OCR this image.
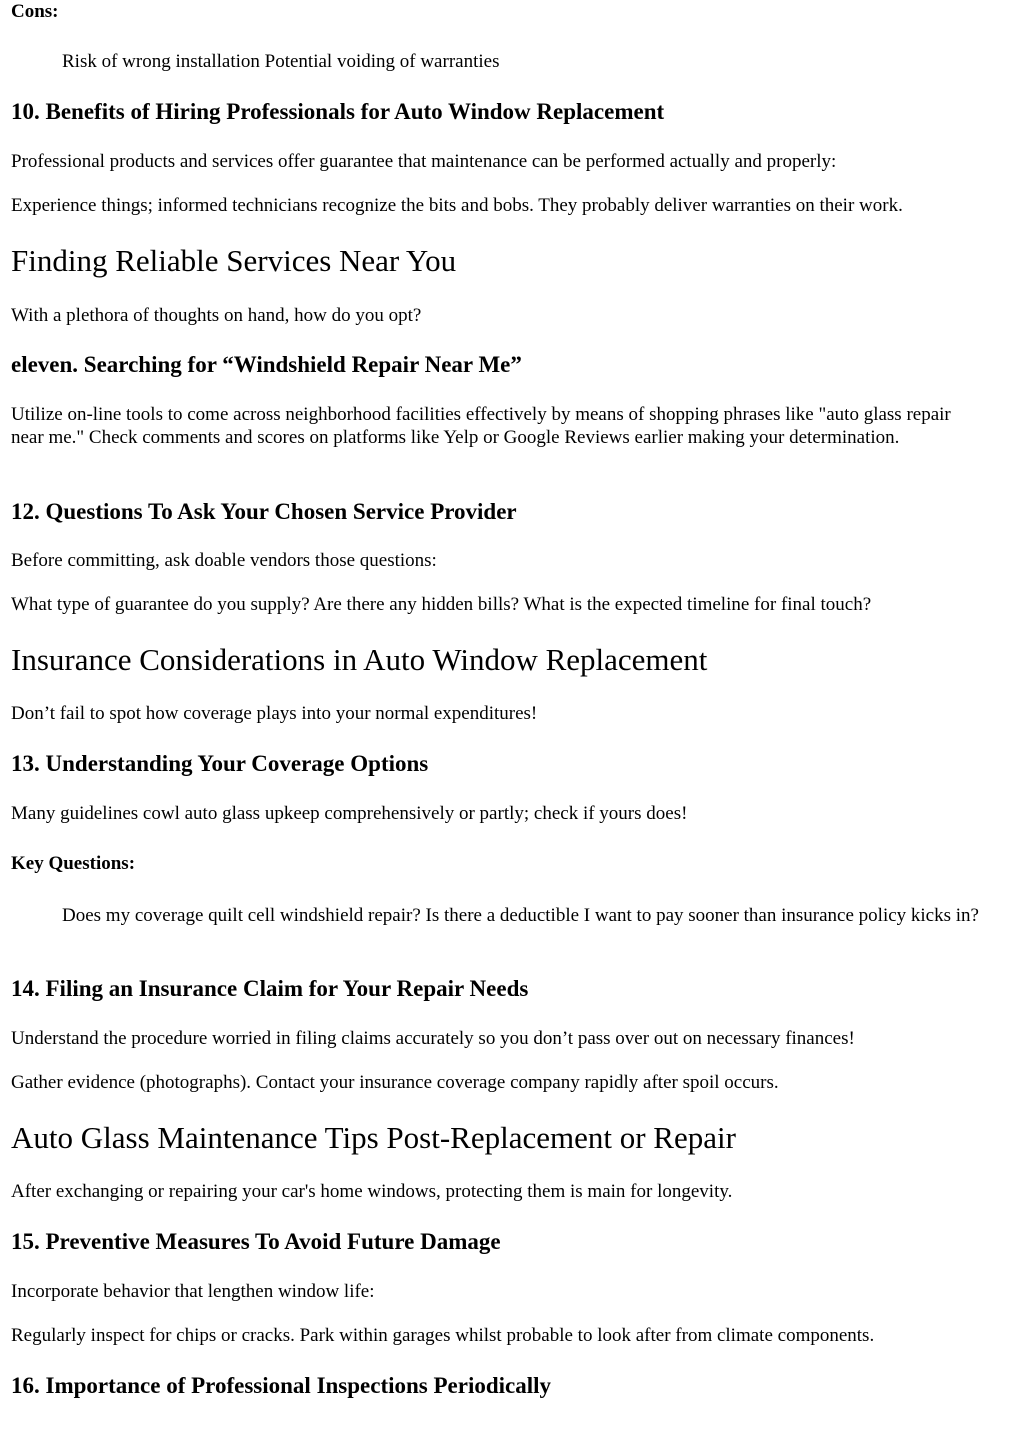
Cons:

Risk of wrong installation Potential voiding of warranties

10. Benefits of Hiring Professionals for Auto Window Replacement

Professional products and services offer guarantee that maintenance can be performed actually and properly:

Experience things; informed technicians recognize the bits and bobs. They probably deliver warranties on their work.

Finding Reliable Services Near You

With a plethora of thoughts on hand, how do you opt?

eleven. Searching for “Windshield Repair Near Me”

Utilize on-line tools to come across neighborhood facilities effectively by means of shopping phrases like "auto glass repair near me." Check comments and scores on platforms like Yelp or Google Reviews earlier making your determination.

12. Questions To Ask Your Chosen Service Provider

Before committing, ask doable vendors those questions:

What type of guarantee do you supply? Are there any hidden bills? What is the expected timeline for final touch?

Insurance Considerations in Auto Window Replacement

Don’t fail to spot how coverage plays into your normal expenditures!

13. Understanding Your Coverage Options

Many guidelines cowl auto glass upkeep comprehensively or partly; check if yours does!

Key Questions:

Does my coverage quilt cell windshield repair? Is there a deductible I want to pay sooner than insurance policy kicks in?

14. Filing an Insurance Claim for Your Repair Needs

Understand the procedure worried in filing claims accurately so you don’t pass over out on necessary finances!

Gather evidence (photographs). Contact your insurance coverage company rapidly after spoil occurs.

Auto Glass Maintenance Tips Post-Replacement or Repair

After exchanging or repairing your car's home windows, protecting them is main for longevity.

15. Preventive Measures To Avoid Future Damage

Incorporate behavior that lengthen window life:

Regularly inspect for chips or cracks. Park within garages whilst probable to look after from climate components.

16. Importance of Professional Inspections Periodically
